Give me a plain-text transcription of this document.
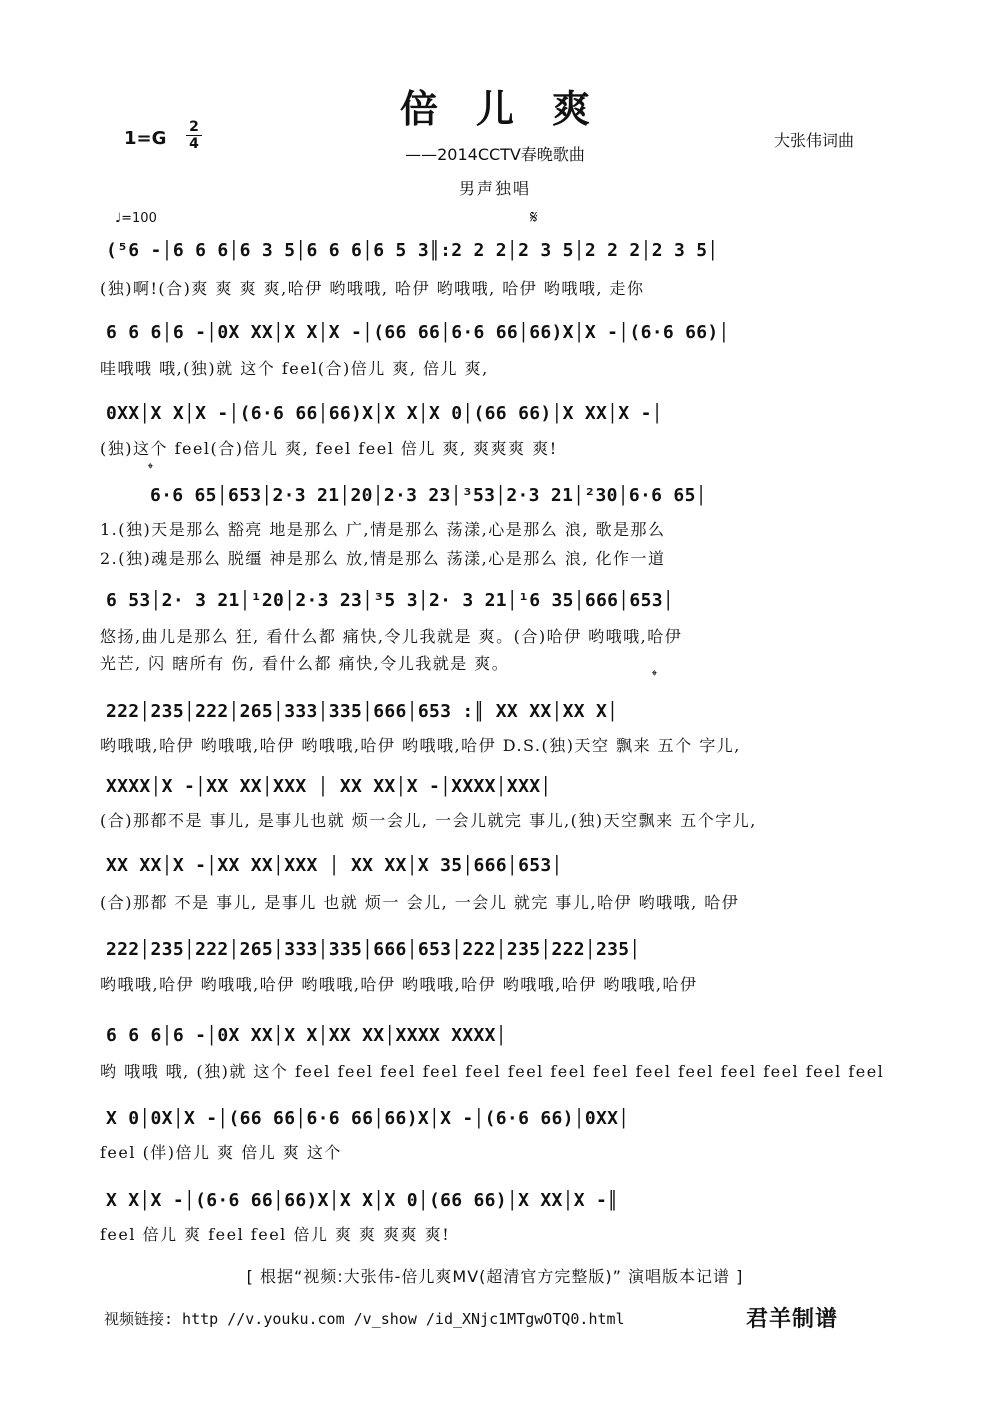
倍儿爽
——2014CCTV春晚歌曲
1=G
2
4	大张伟词曲
男声独唱
♩=100	𝄋
(⁵6 -│6 6 6│6 3 5│6 6 6│6 5 3║:2 2 2│2 3 5│2 2 2│2 3 5│
(独)啊!(合)爽 爽 爽 爽,哈伊 哟哦哦, 哈伊 哟哦哦, 哈伊 哟哦哦, 走你
6 6 6│6 -│0X XX│X X│X -│(66 66│6·6 66│66)X│X -│(6·6 66)│
哇哦哦 哦,(独)就 这个 feel(合)倍儿 爽, 倍儿 爽,
0XX│X X│X -│(6·6 66│66)X│X X│X 0│(66 66)│X XX│X -│
(独)这个 feel(合)倍儿 爽, feel feel 倍儿 爽, 爽爽爽 爽!
𝄌
6·6 65│653│2·3 21│20│2·3 23│³53│2·3 21│²30│6·6 65│
1.(独)天是那么 豁亮 地是那么 广,情是那么 荡漾,心是那么 浪, 歌是那么
2.(独)魂是那么 脱缰 神是那么 放,情是那么 荡漾,心是那么 浪, 化作一道
6 53│2· 3 21│¹20│2·3 23│³5 3│2· 3 21│¹6 35│666│653│
悠扬,曲儿是那么 狂, 看什么都 痛快,令儿我就是 爽。(合)哈伊 哟哦哦,哈伊
光芒, 闪 瞎所有 伤, 看什么都 痛快,令儿我就是 爽。
𝄌
222│235│222│265│333│335│666│653 :║ XX XX│XX X│
哟哦哦,哈伊 哟哦哦,哈伊 哟哦哦,哈伊 哟哦哦,哈伊 D.S.(独)天空 飘来 五个 字儿,
XXXX│X -│XX XX│XXX │ XX XX│X -│XXXX│XXX│
(合)那都不是 事儿, 是事儿也就 烦一会儿, 一会儿就完 事儿,(独)天空飘来 五个字儿,
XX XX│X -│XX XX│XXX │ XX XX│X 35│666│653│
(合)那都 不是 事儿, 是事儿 也就 烦一 会儿, 一会儿 就完 事儿,哈伊 哟哦哦, 哈伊
222│235│222│265│333│335│666│653│222│235│222│235│
哟哦哦,哈伊 哟哦哦,哈伊 哟哦哦,哈伊 哟哦哦,哈伊 哟哦哦,哈伊 哟哦哦,哈伊
6 6 6│6 -│0X XX│X X│XX XX│XXXX XXXX│
哟 哦哦 哦, (独)就 这个 feel feel feel feel feel feel feel feel feel feel feel feel feel feel
X 0│0X│X -│(66 66│6·6 66│66)X│X -│(6·6 66)│0XX│
feel (伴)倍儿 爽 倍儿 爽 这个
X X│X -│(6·6 66│66)X│X X│X 0│(66 66)│X XX│X -║
feel 倍儿 爽 feel feel 倍儿 爽 爽 爽爽 爽!
[ 根据“视频:大张伟-倍儿爽MV(超清官方完整版)” 演唱版本记谱 ]
视频链接: http //v.youku.com /v_show /id_XNjc1MTgwOTQ0.html	君羊制谱
